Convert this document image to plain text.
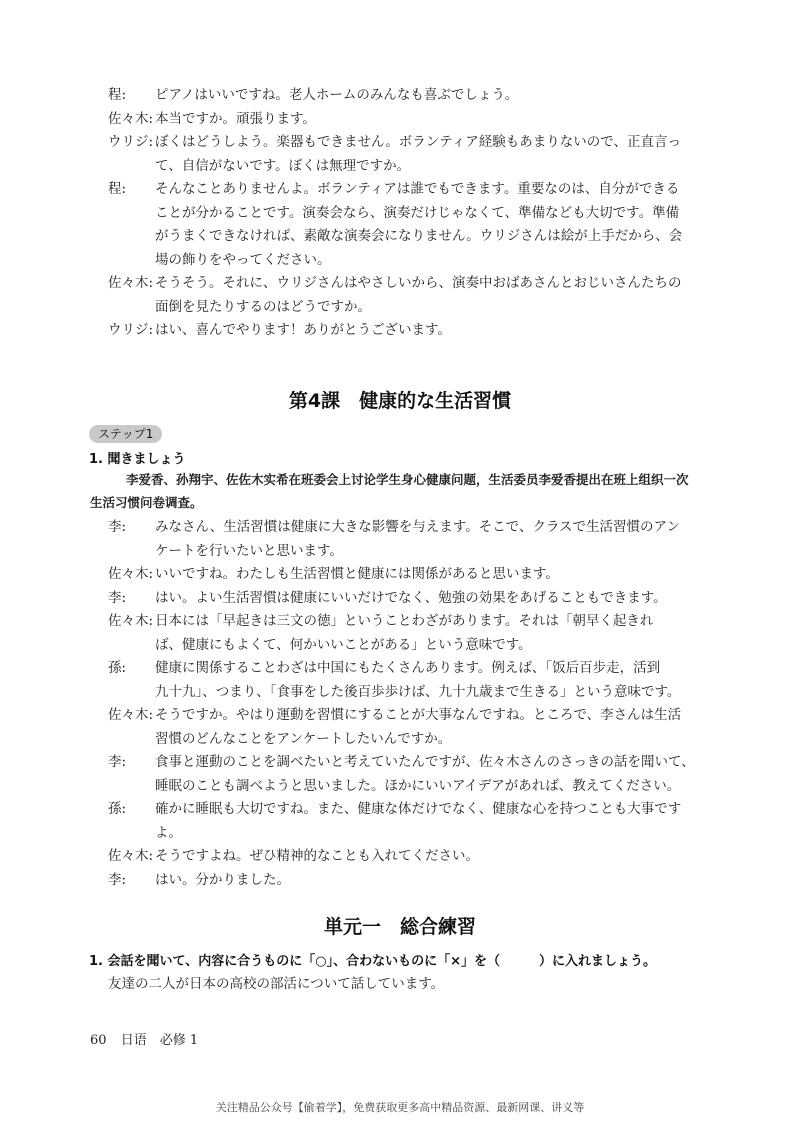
程:	ピアノはいいですね。老人ホームのみんなも喜ぶでしょう。
佐々木: 本当ですか。頑張ります。
ウリジ: ぼくはどうしよう。楽器もできません。ボランティア経験もあまりないので、正直言っ
て、自信がないです。ぼくは無理ですか。
程:	そんなことありませんよ。ボランティアは誰でもできます。重要なのは、自分ができる
ことが分かることです。演奏会なら、演奏だけじゃなくて、準備なども大切です。準備
がうまくできなければ、素敵な演奏会になりません。ウリジさんは絵が上手だから、会
場の飾りをやってください。
佐々木: そうそう。それに、ウリジさんはやさしいから、演奏中おばあさんとおじいさんたちの
面倒を見たりするのはどうですか。
ウリジ: はい、喜んでやります！ありがとうございます。
第4課　健康的な生活習慣
ステップ1
1. 聞きましょう
李爱香、孙翔宇、佐佐木实希在班委会上讨论学生身心健康问题，生活委员李爱香提出在班上组织一次生活习惯问卷调查。
李:	みなさん、生活習慣は健康に大きな影響を与えます。そこで、クラスで生活習慣のアン
ケートを行いたいと思います。
佐々木: いいですね。わたしも生活習慣と健康には関係があると思います。
李:	はい。よい生活習慣は健康にいいだけでなく、勉強の効果をあげることもできます。
佐々木: 日本には「早起きは三文の徳」ということわざがあります。それは「朝早く起きれ
ば、健康にもよくて、何かいいことがある」という意味です。
孫:	健康に関係することわざは中国にもたくさんあります。例えば、「饭后百步走，活到
九十九」、つまり、「食事をした後百歩歩けば、九十九歳まで生きる」という意味です。
佐々木: そうですか。やはり運動を習慣にすることが大事なんですね。ところで、李さんは生活
習慣のどんなことをアンケートしたいんですか。
李:	食事と運動のことを調べたいと考えていたんですが、佐々木さんのさっきの話を聞いて、
睡眠のことも調べようと思いました。ほかにいいアイデアがあれば、教えてください。
孫:	確かに睡眠も大切ですね。また、健康な体だけでなく、健康な心を持つことも大事ですよ。
佐々木: そうですよね。ぜひ精神的なことも入れてください。
李:	はい。分かりました。
単元一　総合練習
1. 会話を聞いて、内容に合うものに「○」、合わないものに「×」を（　　　）に入れましょう。
友達の二人が日本の高校の部活について話しています。
60 日语　必修 1
关注精品公众号【偷着学】，免费获取更多高中精品资源、最新网课、讲义等
